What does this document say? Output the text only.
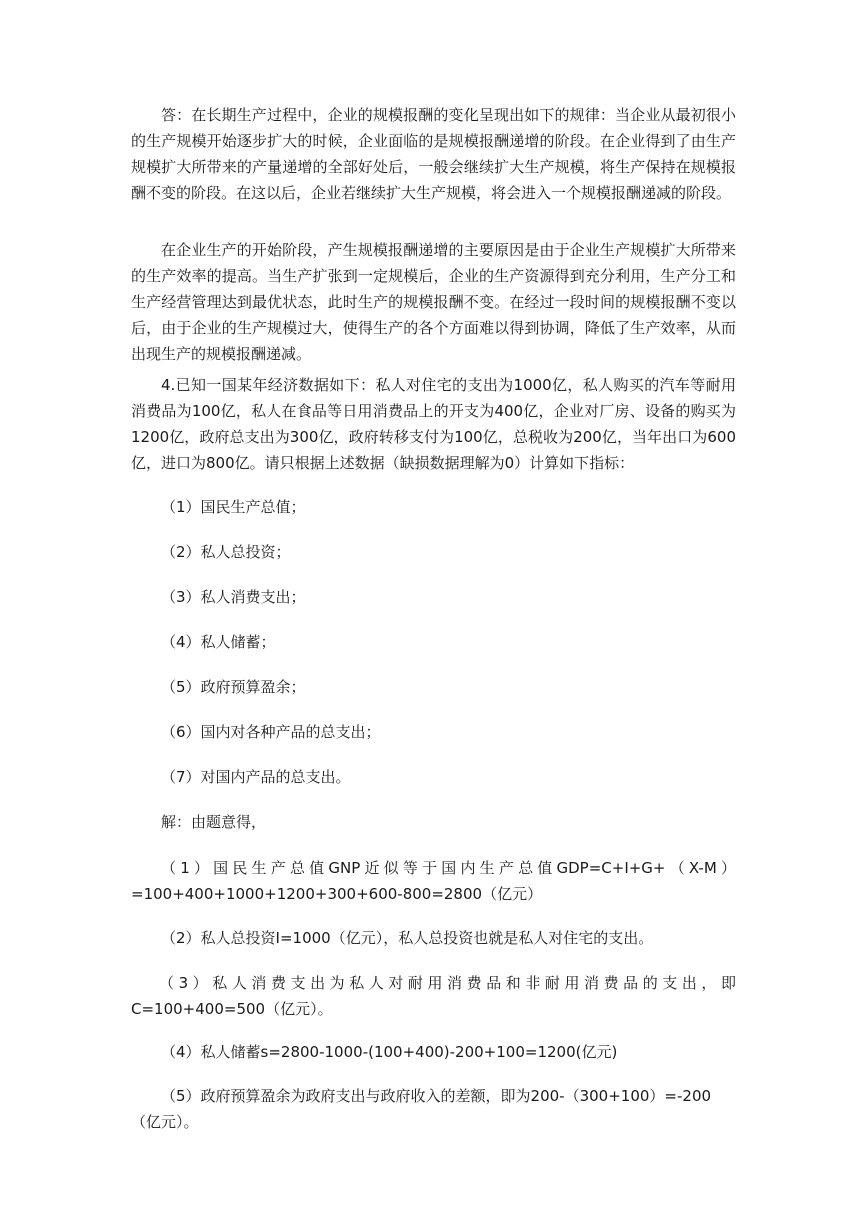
答：在长期生产过程中，企业的规模报酬的变化呈现出如下的规律：当企业从最初很小的生产规模开始逐步扩大的时候，企业面临的是规模报酬递增的阶段。在企业得到了由生产规模扩大所带来的产量递增的全部好处后，一般会继续扩大生产规模，将生产保持在规模报酬不变的阶段。在这以后，企业若继续扩大生产规模，将会进入一个规模报酬递减的阶段。

在企业生产的开始阶段，产生规模报酬递增的主要原因是由于企业生产规模扩大所带来的生产效率的提高。当生产扩张到一定规模后，企业的生产资源得到充分利用，生产分工和生产经营管理达到最优状态，此时生产的规模报酬不变。在经过一段时间的规模报酬不变以后，由于企业的生产规模过大，使得生产的各个方面难以得到协调，降低了生产效率，从而出现生产的规模报酬递减。

4.已知一国某年经济数据如下：私人对住宅的支出为1000亿，私人购买的汽车等耐用消费品为100亿，私人在食品等日用消费品上的开支为400亿，企业对厂房、设备的购买为1200亿，政府总支出为300亿，政府转移支付为100亿，总税收为200亿，当年出口为600亿，进口为800亿。请只根据上述数据（缺损数据理解为0）计算如下指标：

（1）国民生产总值；

（2）私人总投资；

（3）私人消费支出；

（4）私人储蓄；

（5）政府预算盈余；

（6）国内对各种产品的总支出；

（7）对国内产品的总支出。

解：由题意得，

（1）国民生产总值GNP近似等于国内生产总值GDP=C+I+G+（X-M）=100+400+1000+1200+300+600-800=2800（亿元）

（2）私人总投资I=1000（亿元），私人总投资也就是私人对住宅的支出。

（3）私人消费支出为私人对耐用消费品和非耐用消费品的支出，即C=100+400=500（亿元）。

（4）私人储蓄s=2800-1000-(100+400)-200+100=1200(亿元)

（5）政府预算盈余为政府支出与政府收入的差额，即为200-（300+100）=-200（亿元）。
